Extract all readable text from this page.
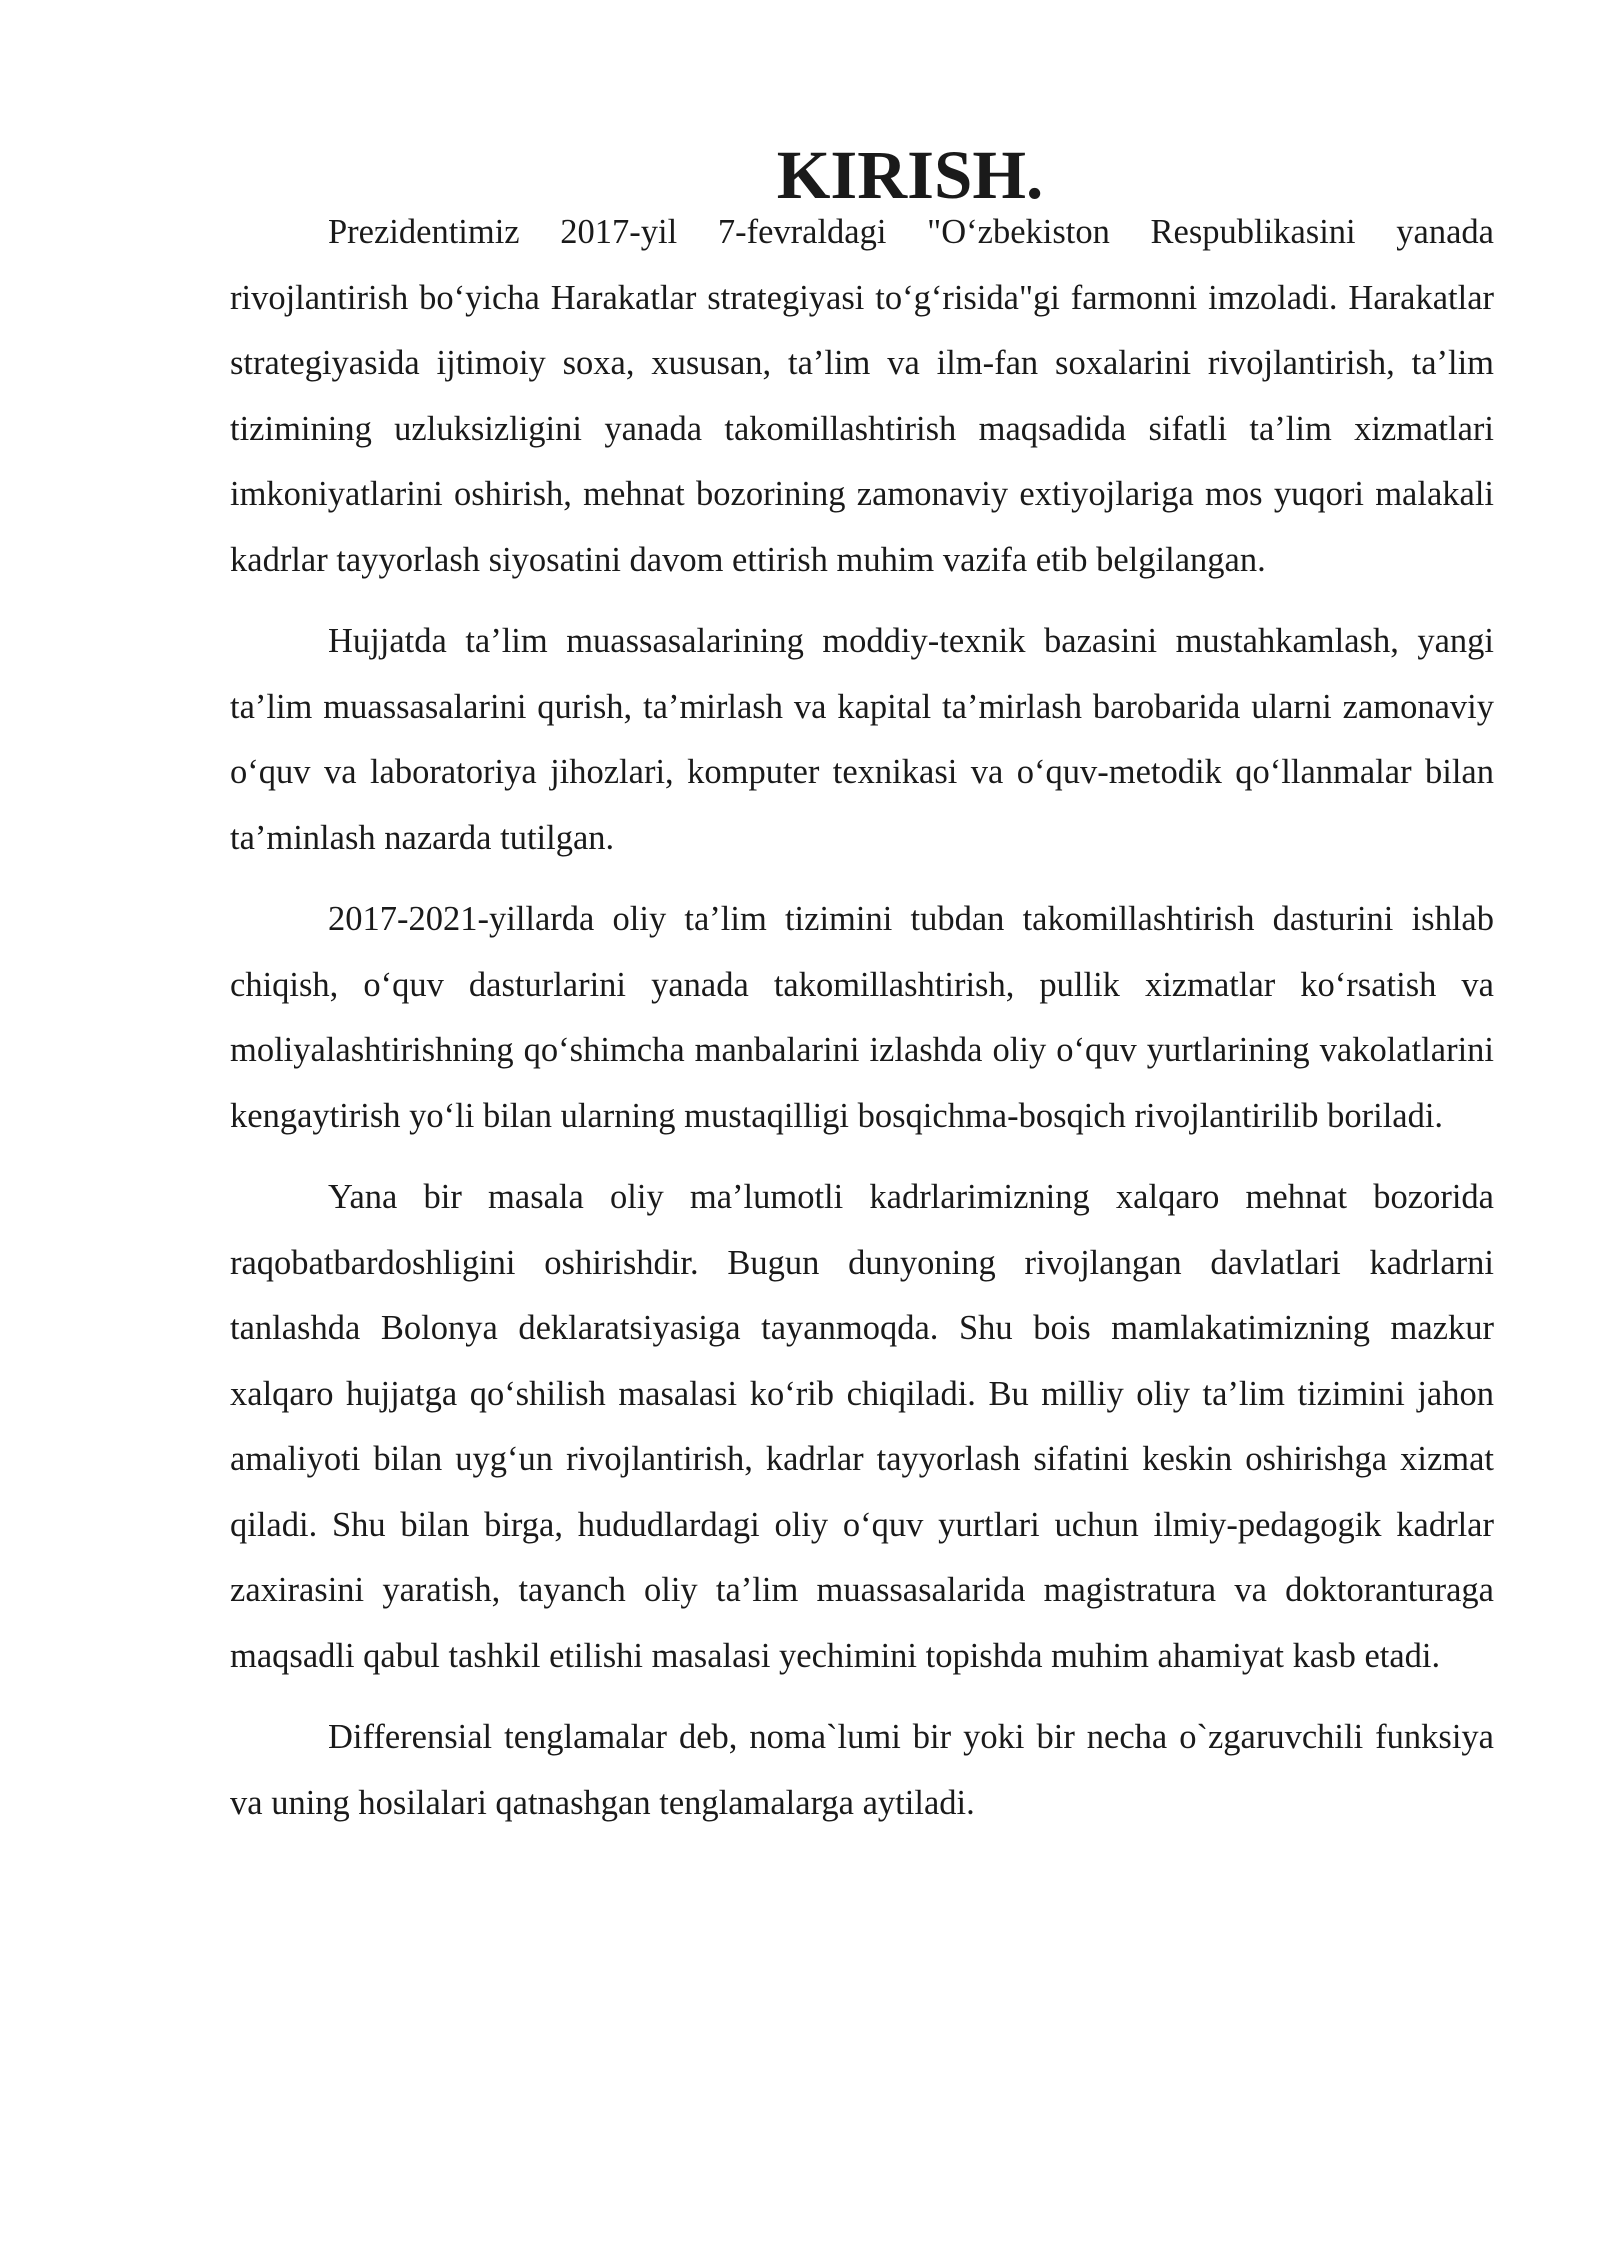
KIRISH.

Prezidentimiz 2017-yil 7-fevraldagi "O‘zbekiston Respublikasini yanada rivojlantirish bo‘yicha Harakatlar strategiyasi to‘g‘risida"gi farmonni imzoladi. Harakatlar strategiyasida ijtimoiy soxa, xususan, ta’lim va ilm-fan soxalarini rivojlantirish, ta’lim tizimining uzluksizligini yanada takomillashtirish maqsadida sifatli ta’lim xizmatlari imkoniyatlarini oshirish, mehnat bozorining zamonaviy extiyojlariga mos yuqori malakali kadrlar tayyorlash siyosatini davom ettirish muhim vazifa etib belgilangan.

Hujjatda ta’lim muassasalarining moddiy-texnik bazasini mustahkamlash, yangi ta’lim muassasalarini qurish, ta’mirlash va kapital ta’mirlash barobarida ularni zamonaviy o‘quv va laboratoriya jihozlari, komputer texnikasi va o‘quv-metodik qo‘llanmalar bilan ta’minlash nazarda tutilgan.

2017-2021-yillarda oliy ta’lim tizimini tubdan takomillashtirish dasturini ishlab chiqish, o‘quv dasturlarini yanada takomillashtirish, pullik xizmatlar ko‘rsatish va moliyalashtirishning qo‘shimcha manbalarini izlashda oliy o‘quv yurtlarining vakolatlarini kengaytirish yo‘li bilan ularning mustaqilligi bosqichma-bosqich rivojlantirilib boriladi.

Yana bir masala oliy ma’lumotli kadrlarimizning xalqaro mehnat bozorida raqobatbardoshligini oshirishdir. Bugun dunyoning rivojlangan davlatlari kadrlarni tanlashda Bolonya deklaratsiyasiga tayanmoqda. Shu bois mamlakatimizning mazkur xalqaro hujjatga qo‘shilish masalasi ko‘rib chiqiladi. Bu milliy oliy ta’lim tizimini jahon amaliyoti bilan uyg‘un rivojlantirish, kadrlar tayyorlash sifatini keskin oshirishga xizmat qiladi. Shu bilan birga, hududlardagi oliy o‘quv yurtlari uchun ilmiy-pedagogik kadrlar zaxirasini yaratish, tayanch oliy ta’lim muassasalarida magistratura va doktoranturaga maqsadli qabul tashkil etilishi masalasi yechimini topishda muhim ahamiyat kasb etadi.

Differensial tenglamalar deb, noma`lumi bir yoki bir necha o`zgaruvchili funksiya va uning hosilalari qatnashgan tenglamalarga aytiladi.
